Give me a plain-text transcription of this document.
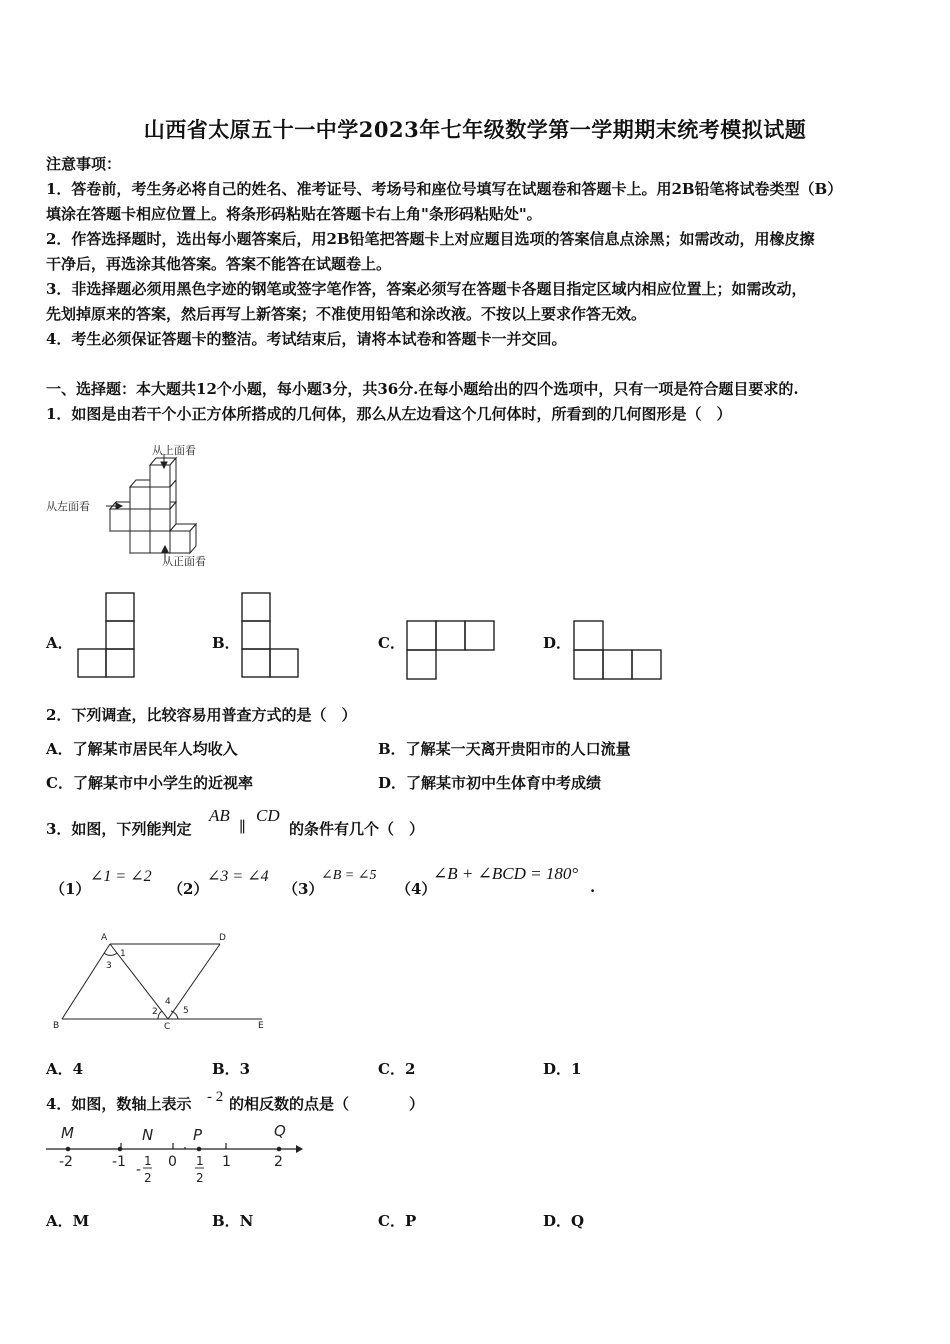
山西省太原五十一中学2023年七年级数学第一学期期末统考模拟试题
注意事项：
1．答卷前，考生务必将自己的姓名、准考证号、考场号和座位号填写在试题卷和答题卡上。用2B铅笔将试卷类型（B）
填涂在答题卡相应位置上。将条形码粘贴在答题卡右上角"条形码粘贴处"。
2．作答选择题时，选出每小题答案后，用2B铅笔把答题卡上对应题目选项的答案信息点涂黑；如需改动，用橡皮擦
干净后，再选涂其他答案。答案不能答在试题卷上。
3．非选择题必须用黑色字迹的钢笔或签字笔作答，答案必须写在答题卡各题目指定区域内相应位置上；如需改动，
先划掉原来的答案，然后再写上新答案；不准使用铅笔和涂改液。不按以上要求作答无效。
4．考生必须保证答题卡的整洁。考试结束后，请将本试卷和答题卡一并交回。
一、选择题：本大题共12个小题，每小题3分，共36分.在每小题给出的四个选项中，只有一项是符合题目要求的.
1．如图是由若干个小正方体所搭成的几何体，那么从左边看这个几何体时，所看到的几何图形是（　）
从上面看
从左面看
从正面看
A．	B．	C．	D．
2．下列调查，比较容易用普查方式的是（　）
A．了解某市居民年人均收入	B．了解某一天离开贵阳市的人口流量
C．了解某市中小学生的近视率	D．了解某市初中生体育中考成绩
3．如图，下列能判定
AB
∥
CD
的条件有几个（　）
（1）
∠1 = ∠2
（2）
∠3 = ∠4
（3）
∠B = ∠5
（4）
∠B + ∠BCD = 180°
.
A	D
B	C	E
1
2
3
4
5
A．4	B．3	C．2	D．1
4．如图，数轴上表示 - 2 的相反数的点是（　　　　）
M	N	P	Q
-2	-1 -
1
2
0 1
2
1	2
A．M	B．N	C．P	D．Q
